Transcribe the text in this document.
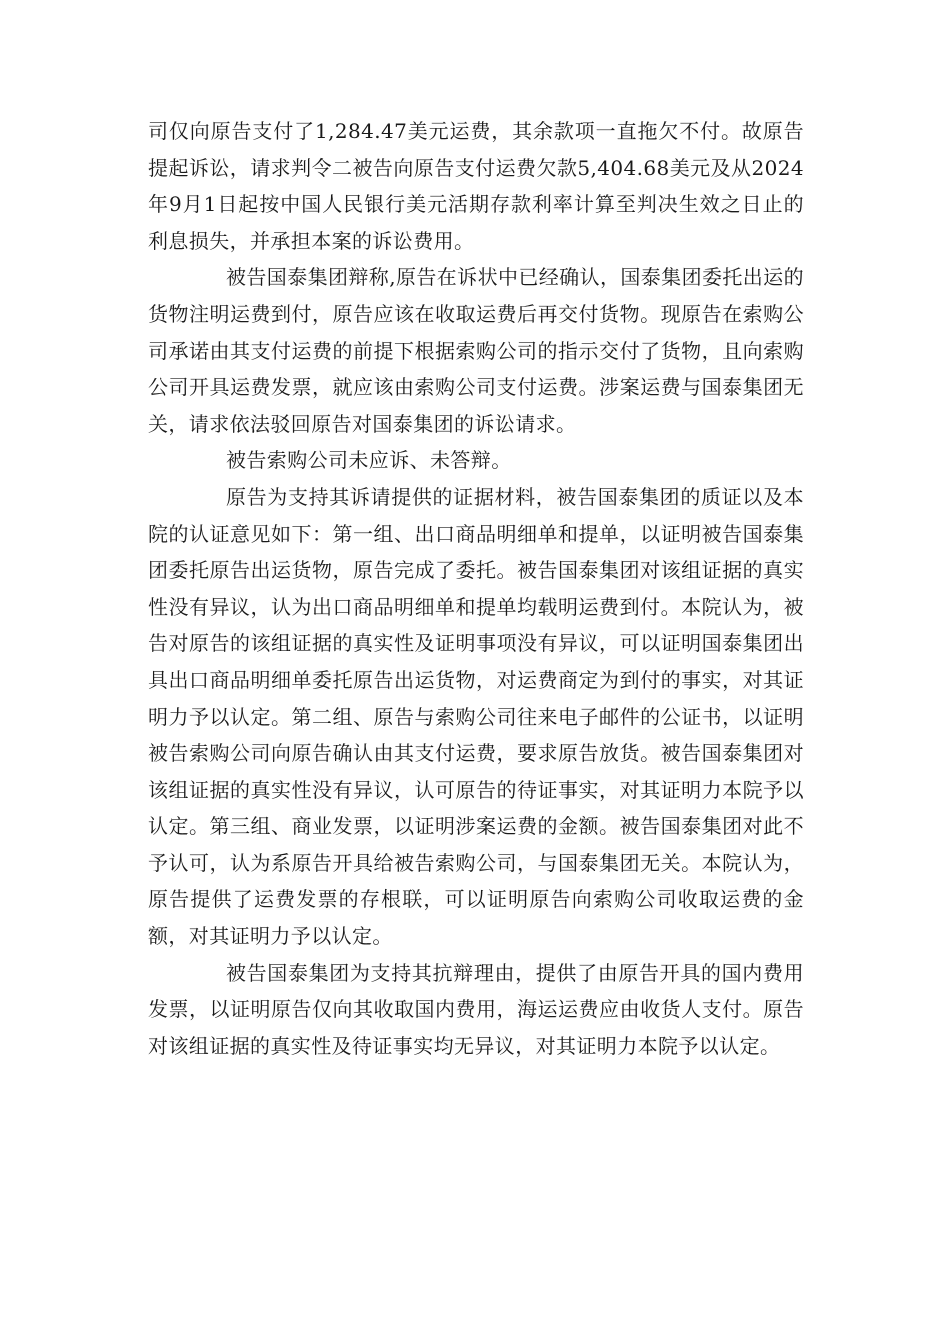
司仅向原告支付了1,284.47美元运费，其余款项一直拖欠不付。故原告提起诉讼，请求判令二被告向原告支付运费欠款5,404.68美元及从2024年9月1日起按中国人民银行美元活期存款利率计算至判决生效之日止的利息损失，并承担本案的诉讼费用。

被告国泰集团辩称,原告在诉状中已经确认，国泰集团委托出运的货物注明运费到付，原告应该在收取运费后再交付货物。现原告在索购公司承诺由其支付运费的前提下根据索购公司的指示交付了货物，且向索购公司开具运费发票，就应该由索购公司支付运费。涉案运费与国泰集团无关，请求依法驳回原告对国泰集团的诉讼请求。

被告索购公司未应诉、未答辩。

原告为支持其诉请提供的证据材料，被告国泰集团的质证以及本院的认证意见如下：第一组、出口商品明细单和提单，以证明被告国泰集团委托原告出运货物，原告完成了委托。被告国泰集团对该组证据的真实性没有异议，认为出口商品明细单和提单均载明运费到付。本院认为，被告对原告的该组证据的真实性及证明事项没有异议，可以证明国泰集团出具出口商品明细单委托原告出运货物，对运费商定为到付的事实，对其证明力予以认定。第二组、原告与索购公司往来电子邮件的公证书，以证明被告索购公司向原告确认由其支付运费，要求原告放货。被告国泰集团对该组证据的真实性没有异议，认可原告的待证事实，对其证明力本院予以认定。第三组、商业发票，以证明涉案运费的金额。被告国泰集团对此不予认可，认为系原告开具给被告索购公司，与国泰集团无关。本院认为，原告提供了运费发票的存根联，可以证明原告向索购公司收取运费的金额，对其证明力予以认定。

被告国泰集团为支持其抗辩理由，提供了由原告开具的国内费用发票，以证明原告仅向其收取国内费用，海运运费应由收货人支付。原告对该组证据的真实性及待证事实均无异议，对其证明力本院予以认定。
